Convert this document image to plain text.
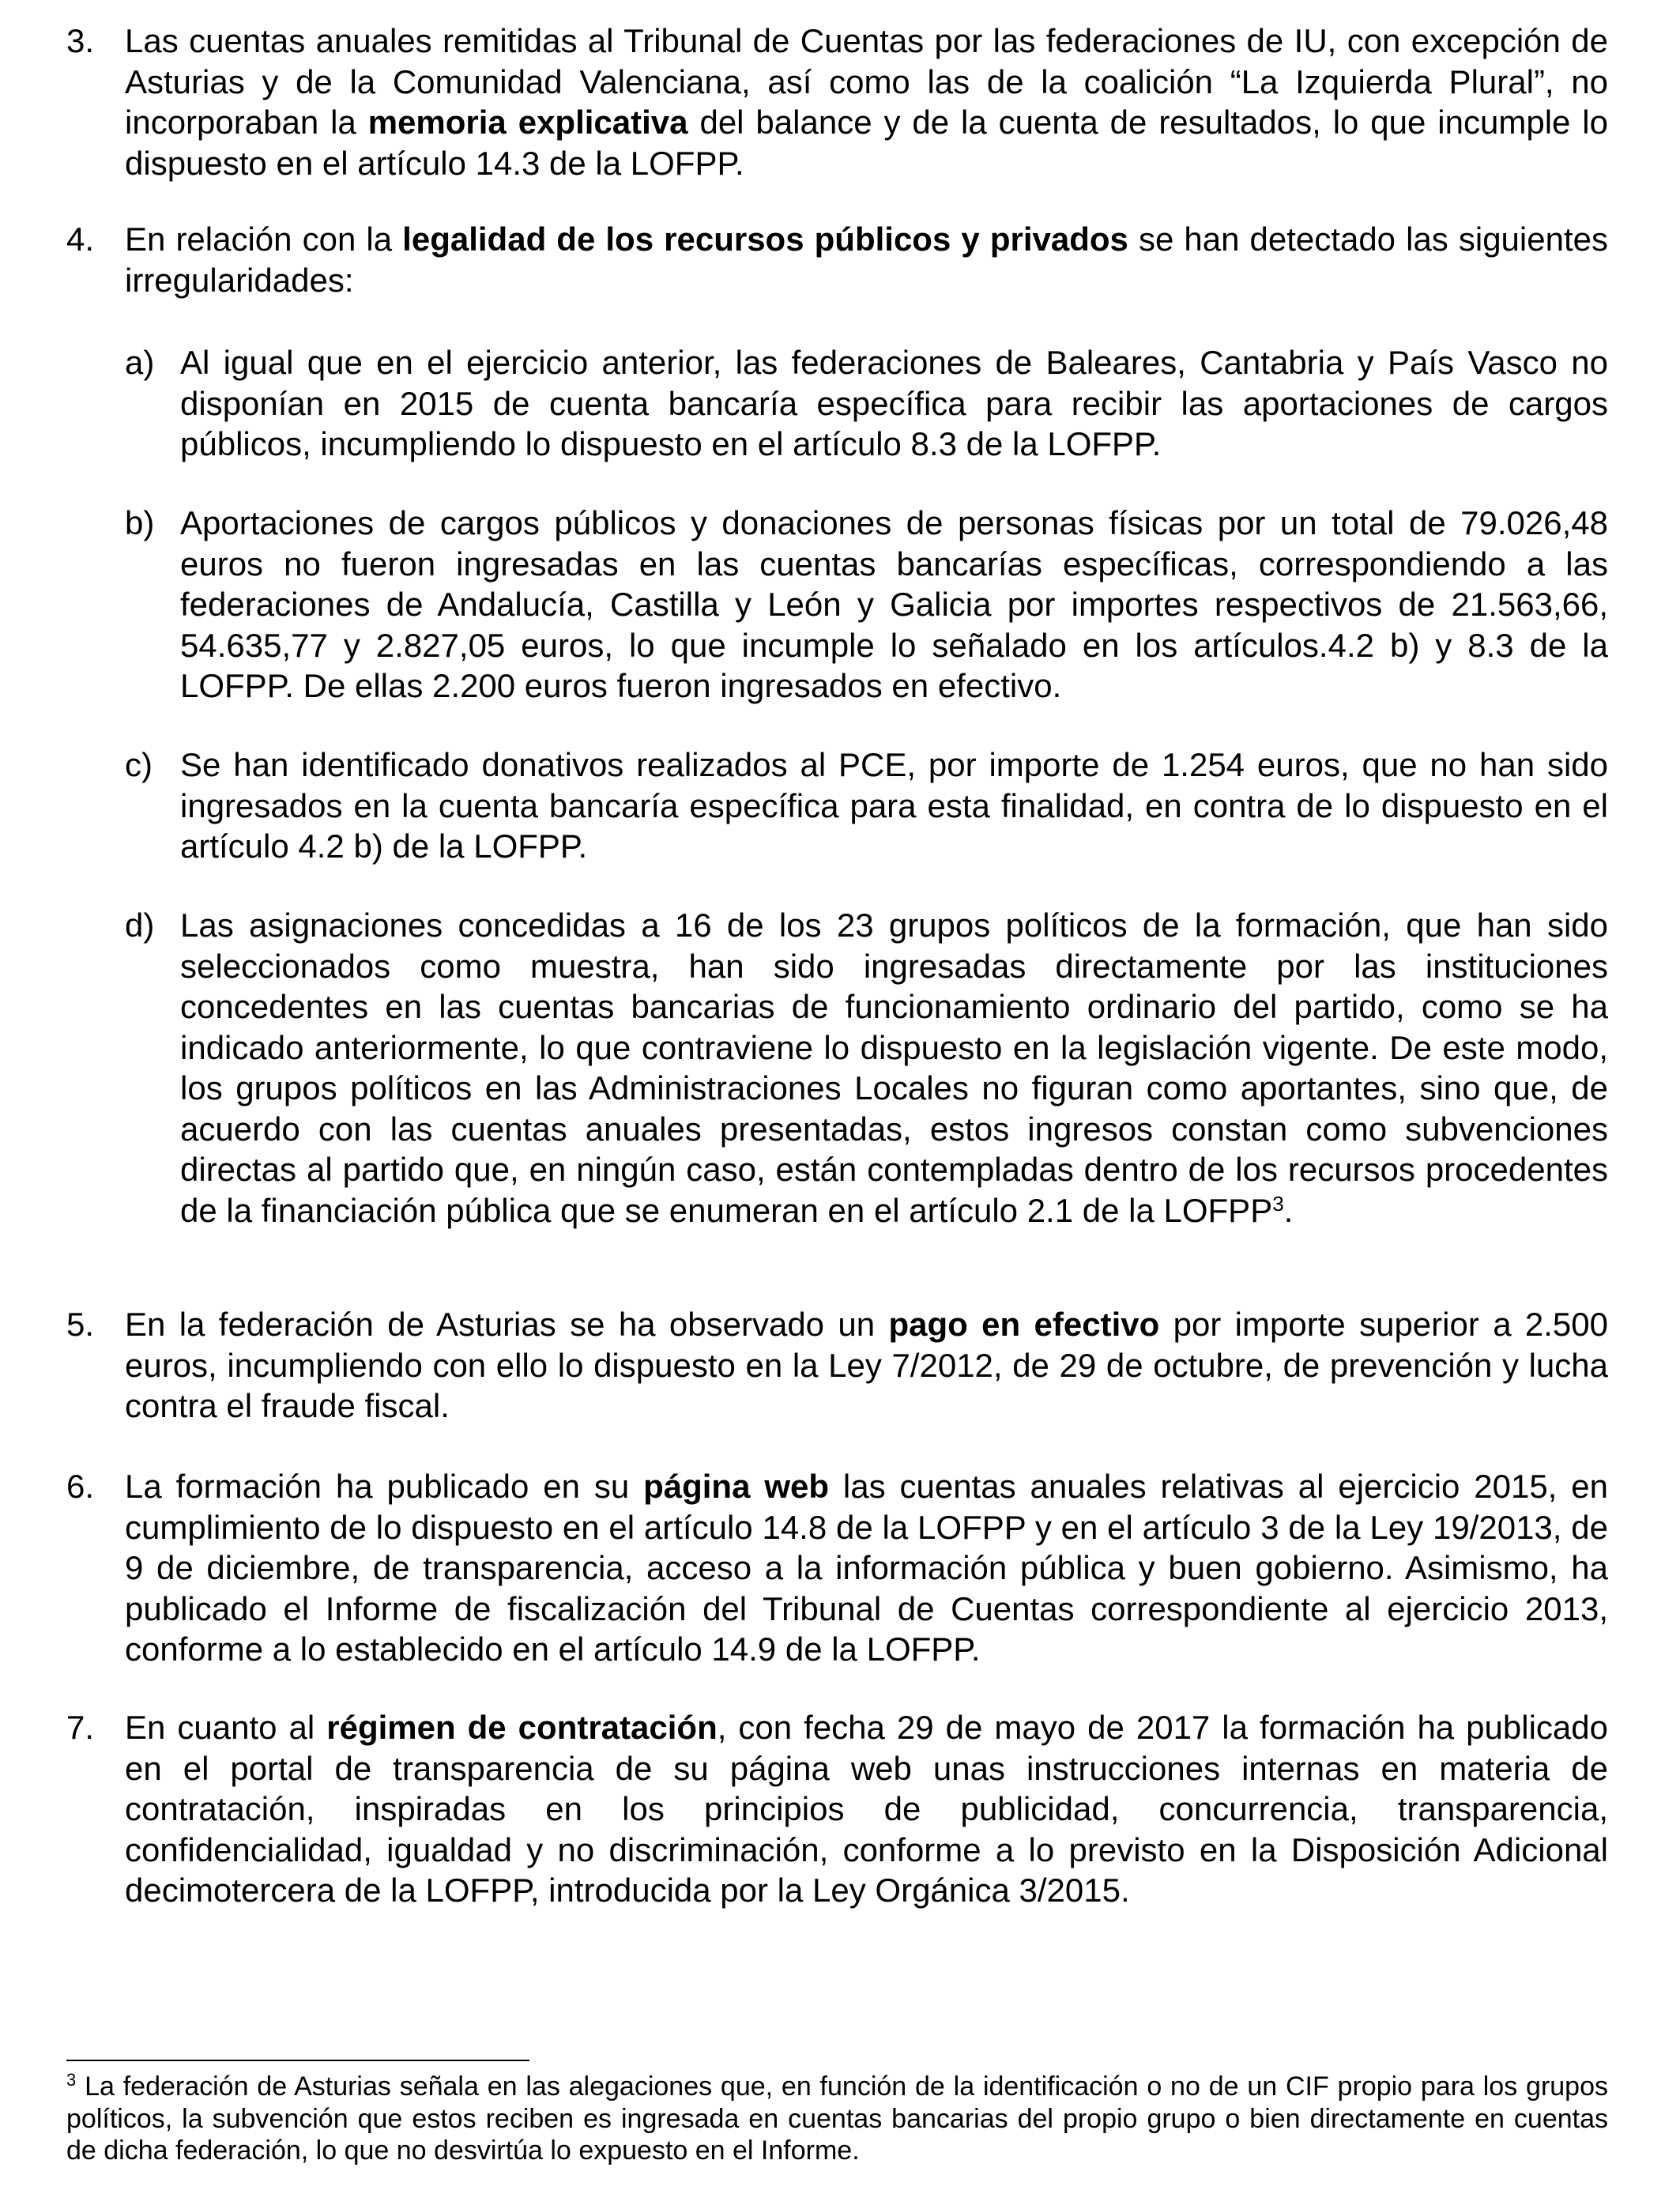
3. Las cuentas anuales remitidas al Tribunal de Cuentas por las federaciones de IU, con excepción de Asturias y de la Comunidad Valenciana, así como las de la coalición “La Izquierda Plural”, no incorporaban la memoria explicativa del balance y de la cuenta de resultados, lo que incumple lo dispuesto en el artículo 14.3 de la LOFPP.
4. En relación con la legalidad de los recursos públicos y privados se han detectado las siguientes irregularidades:
a) Al igual que en el ejercicio anterior, las federaciones de Baleares, Cantabria y País Vasco no disponían en 2015 de cuenta bancaría específica para recibir las aportaciones de cargos públicos, incumpliendo lo dispuesto en el artículo 8.3 de la LOFPP.
b) Aportaciones de cargos públicos y donaciones de personas físicas por un total de 79.026,48 euros no fueron ingresadas en las cuentas bancarías específicas, correspondiendo a las federaciones de Andalucía, Castilla y León y Galicia por importes respectivos de 21.563,66, 54.635,77 y 2.827,05 euros, lo que incumple lo señalado en los artículos.4.2 b) y 8.3 de la LOFPP. De ellas 2.200 euros fueron ingresados en efectivo.
c) Se han identificado donativos realizados al PCE, por importe de 1.254 euros, que no han sido ingresados en la cuenta bancaría específica para esta finalidad, en contra de lo dispuesto en el artículo 4.2 b) de la LOFPP.
d) Las asignaciones concedidas a 16 de los 23 grupos políticos de la formación, que han sido seleccionados como muestra, han sido ingresadas directamente por las instituciones concedentes en las cuentas bancarias de funcionamiento ordinario del partido, como se ha indicado anteriormente, lo que contraviene lo dispuesto en la legislación vigente. De este modo, los grupos políticos en las Administraciones Locales no figuran como aportantes, sino que, de acuerdo con las cuentas anuales presentadas, estos ingresos constan como subvenciones directas al partido que, en ningún caso, están contempladas dentro de los recursos procedentes de la financiación pública que se enumeran en el artículo 2.1 de la LOFPP$^3$.
5. En la federación de Asturias se ha observado un pago en efectivo por importe superior a 2.500 euros, incumpliendo con ello lo dispuesto en la Ley 7/2012, de 29 de octubre, de prevención y lucha contra el fraude fiscal.
6. La formación ha publicado en su página web las cuentas anuales relativas al ejercicio 2015, en cumplimiento de lo dispuesto en el artículo 14.8 de la LOFPP y en el artículo 3 de la Ley 19/2013, de 9 de diciembre, de transparencia, acceso a la información pública y buen gobierno. Asimismo, ha publicado el Informe de fiscalización del Tribunal de Cuentas correspondiente al ejercicio 2013, conforme a lo establecido en el artículo 14.9 de la LOFPP.
7. En cuanto al régimen de contratación, con fecha 29 de mayo de 2017 la formación ha publicado en el portal de transparencia de su página web unas instrucciones internas en materia de contratación, inspiradas en los principios de publicidad, concurrencia, transparencia, confidencialidad, igualdad y no discriminación, conforme a lo previsto en la Disposición Adicional decimotercera de la LOFPP, introducida por la Ley Orgánica 3/2015.
$^3$ La federación de Asturias señala en las alegaciones que, en función de la identificación o no de un CIF propio para los grupos políticos, la subvención que estos reciben es ingresada en cuentas bancarias del propio grupo o bien directamente en cuentas de dicha federación, lo que no desvirtúa lo expuesto en el Informe.
